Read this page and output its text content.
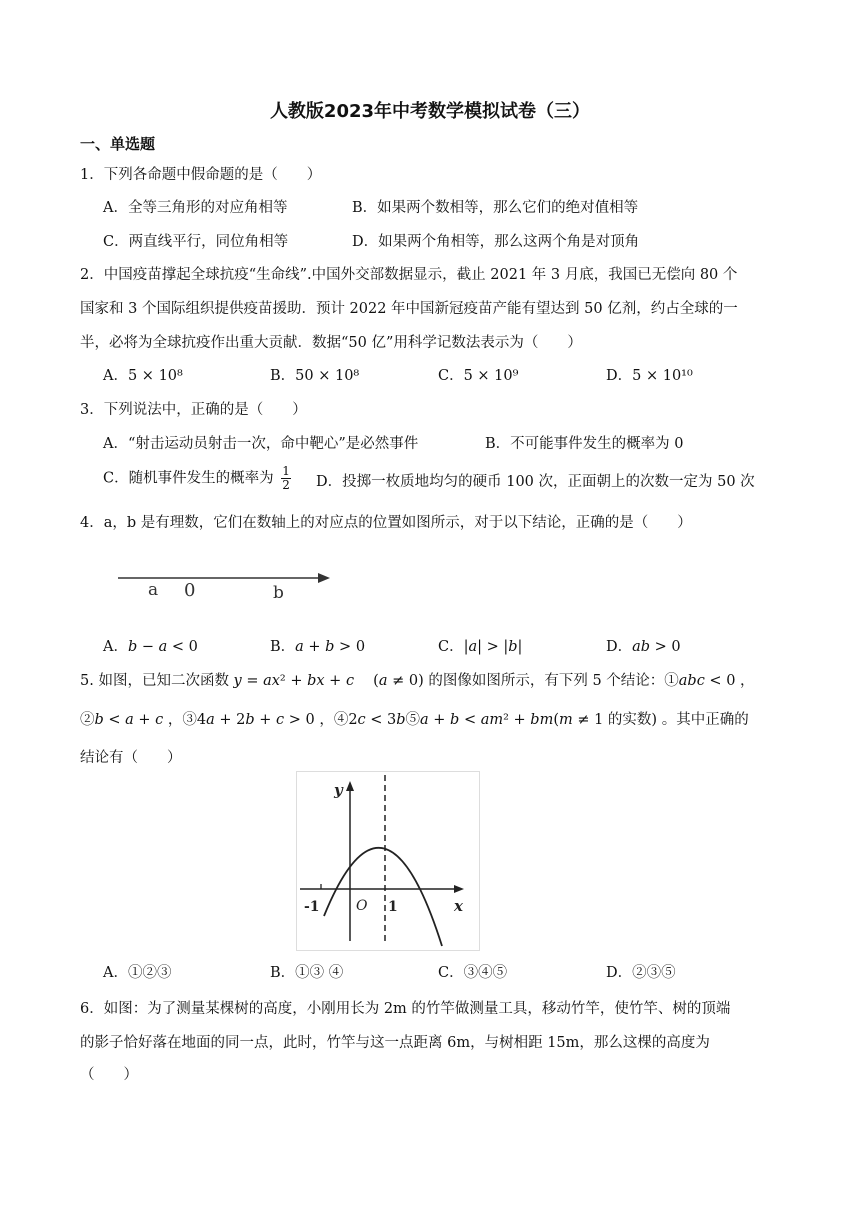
人教版2023年中考数学模拟试卷（三）
一、单选题
1．下列各命题中假命题的是（　　）
A．全等三角形的对应角相等	B．如果两个数相等，那么它们的绝对值相等
C．两直线平行，同位角相等	D．如果两个角相等，那么这两个角是对顶角
2．中国疫苗撑起全球抗疫“生命线”.中国外交部数据显示，截止 2021 年 3 月底，我国已无偿向 80 个
国家和 3 个国际组织提供疫苗援助．预计 2022 年中国新冠疫苗产能有望达到 50 亿剂，约占全球的一
半，必将为全球抗疫作出重大贡献．数据“50 亿”用科学记数法表示为（　　）
A．5 × 10⁸	B．50 × 10⁸	C．5 × 10⁹	D．5 × 10¹⁰
3．下列说法中，正确的是（　　）
A．“射击运动员射击一次，命中靶心”是必然事件	B．不可能事件发生的概率为 0
C．随机事件发生的概率为 $\frac{1}{2}$ D．投掷一枚质地均匀的硬币 100 次，正面朝上的次数一定为 50 次
4．a，b 是有理数，它们在数轴上的对应点的位置如图所示，对于以下结论，正确的是（　　）
a 0	b
A．𝑏 − 𝑎 < 0	B．𝑎 + 𝑏 > 0	C．|𝑎| > |𝑏|	D．𝑎𝑏 > 0
5. 如图，已知二次函数 𝑦 = 𝑎𝑥² + 𝑏𝑥 + 𝑐　 (𝑎 ≠ 0) 的图像如图所示，有下列 5 个结论：①𝑎𝑏𝑐 < 0 ，
②𝑏 < 𝑎 + 𝑐 ，③4𝑎 + 2𝑏 + 𝑐 > 0 ，④2𝑐 < 3𝑏⑤𝑎 + 𝑏 < 𝑎𝑚² + 𝑏𝑚(𝑚 ≠ 1 的实数) 。其中正确的
结论有（　　）
y
x
O
-1	1
A．①②③	B．①③ ④	C．③④⑤	D．②③⑤
6．如图：为了测量某棵树的高度，小刚用长为 2m 的竹竿做测量工具，移动竹竿，使竹竿、树的顶端
的影子恰好落在地面的同一点，此时，竹竿与这一点距离 6m，与树相距 15m，那么这棵的高度为
（　　）
